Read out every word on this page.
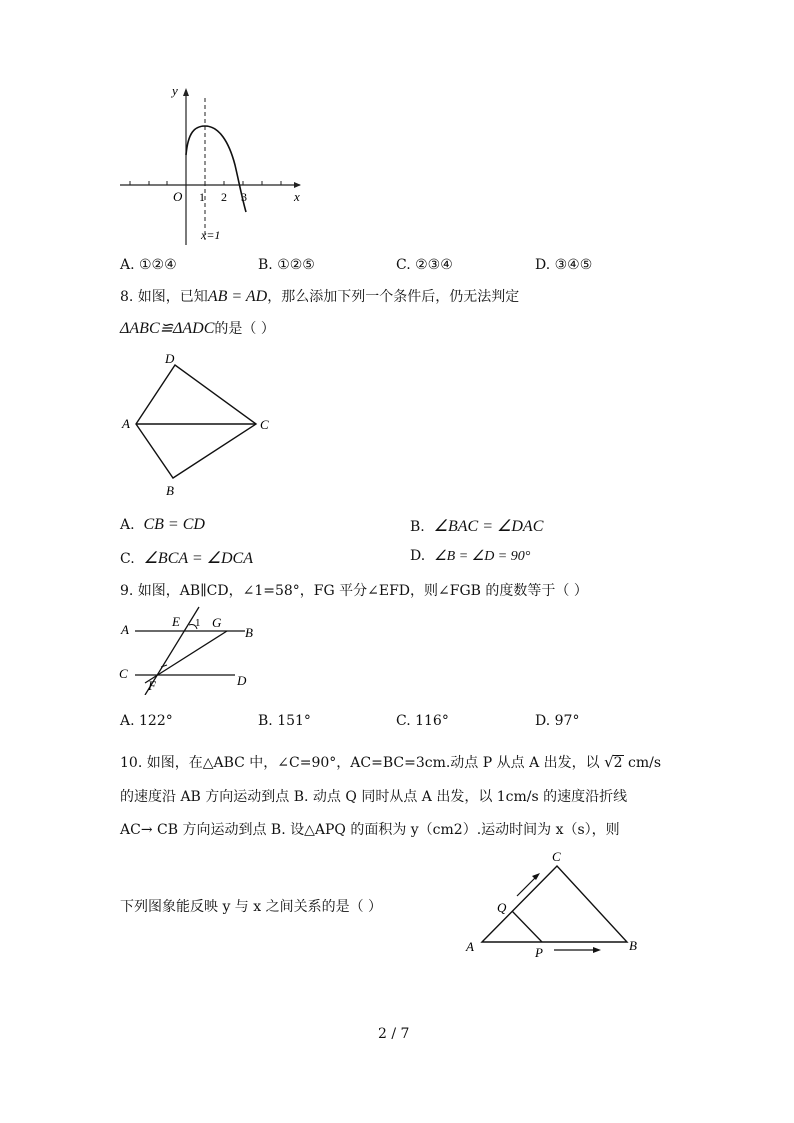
y
x
O 1 2 3
x=1
A. ①②④	B. ①②⑤	C. ②③④	D. ③④⑤
8. 如图，已知AB = AD，那么添加下列一个条件后，仍无法判定
ΔABC≌ΔADC的是（ ）
D
A	C
B
A. CB = CD	B. ∠BAC = ∠DAC
C. ∠BCA = ∠DCA	D. ∠B = ∠D = 90°
9. 如图，AB∥CD，∠1=58°，FG 平分∠EFD，则∠FGB 的度数等于（ ）
A	B
C	D
E G
F
1
A. 122°	B. 151°	C. 116°	D. 97°
10. 如图，在△ABC 中，∠C=90°，AC=BC=3cm.动点 P 从点 A 出发，以 √2 cm/s
的速度沿 AB 方向运动到点 B. 动点 Q 同时从点 A 出发，以 1cm/s 的速度沿折线
AC→ CB 方向运动到点 B. 设△APQ 的面积为 y（cm2）.运动时间为 x（s），则
下列图象能反映 y 与 x 之间关系的是（ ）
C
Q
A	P	B
2 / 7
